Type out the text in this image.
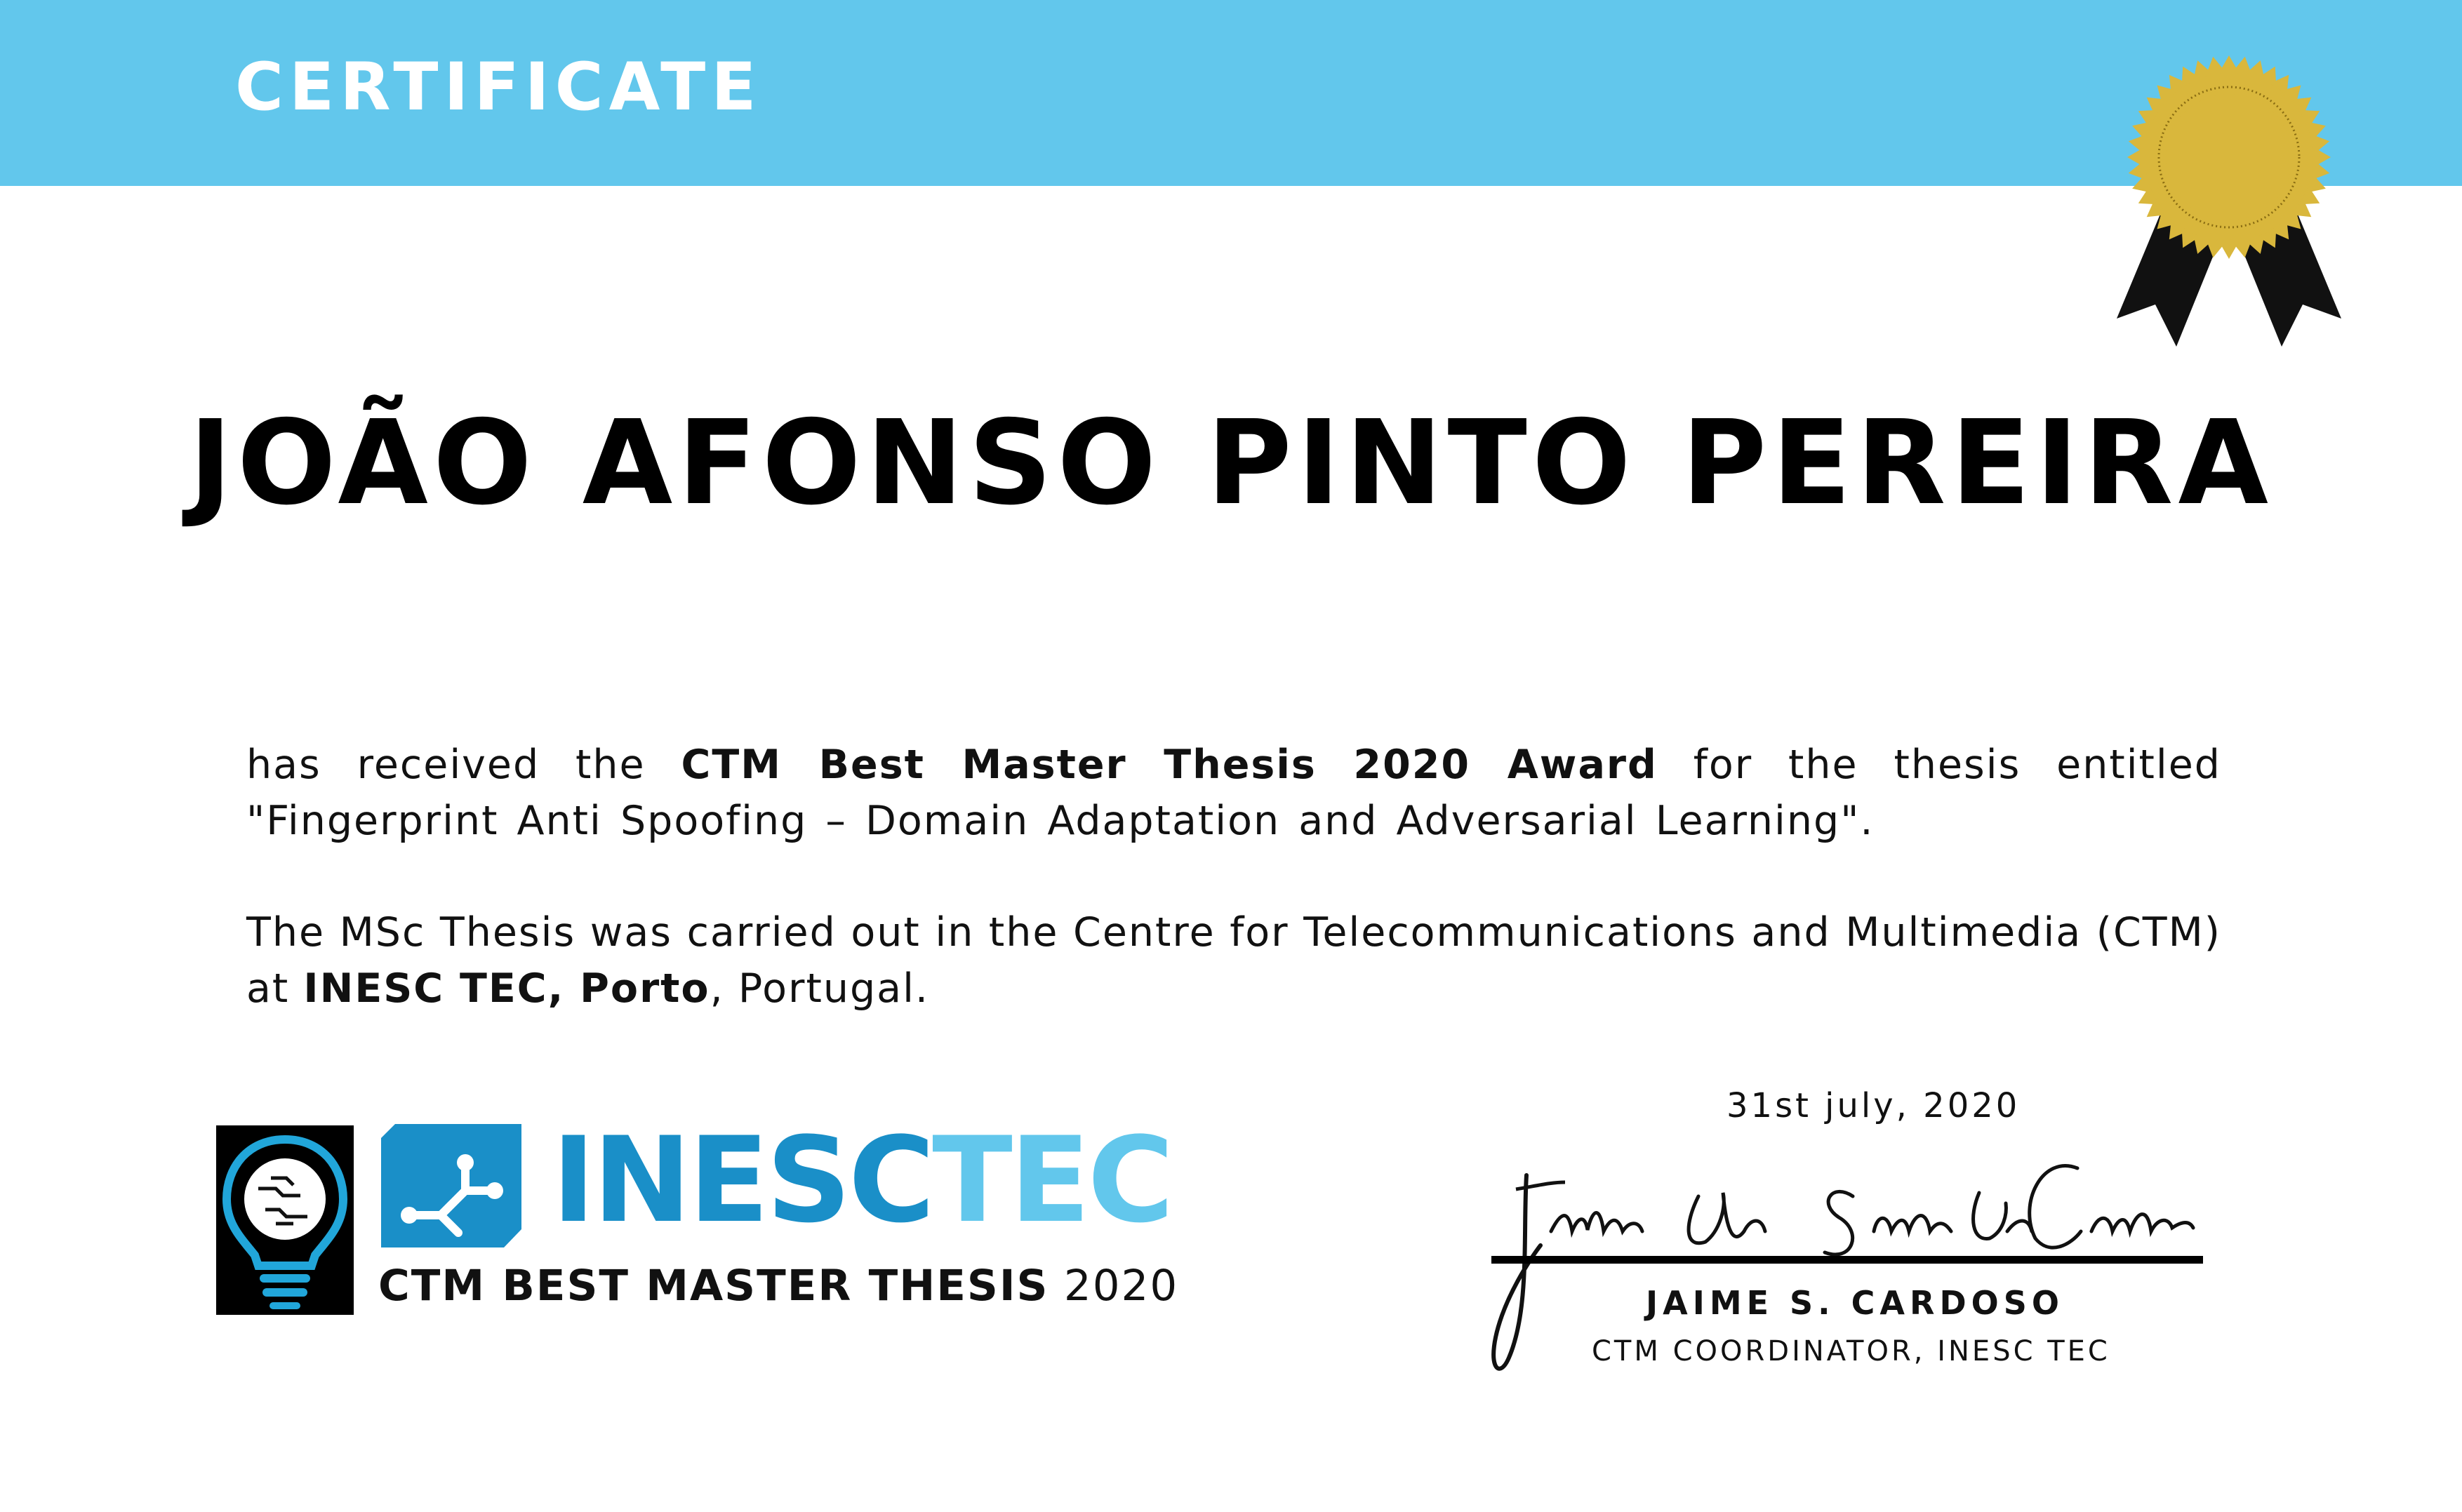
CERTIFICATE
JOÃO AFONSO PINTO PEREIRA
has received the CTM Best Master Thesis 2020 Award for the thesis entitled "Fingerprint Anti Spoofing – Domain Adaptation and Adversarial Learning".
The MSc Thesis was carried out in the Centre for Telecommunications and Multimedia (CTM) at INESC TEC, Porto, Portugal.
INESCTEC
CTM BEST MASTER THESIS 2020
31st july, 2020
JAIME S. CARDOSO
CTM COORDINATOR, INESC TEC
